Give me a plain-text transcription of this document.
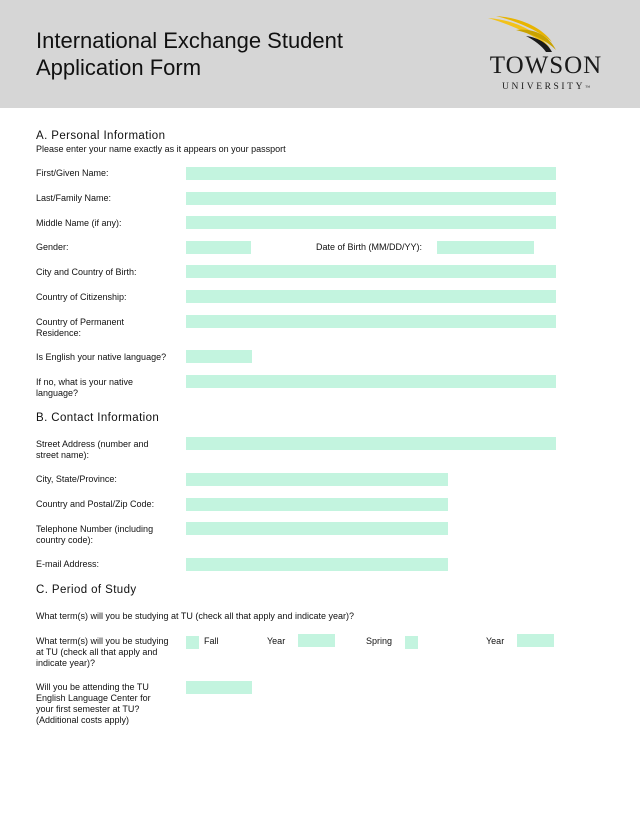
International Exchange Student
Application Form	TOWSON
UNIVERSITY™
A. Personal Information
Please enter your name exactly as it appears on your passport
First/Given Name:
Last/Family Name:
Middle Name (if any):
Gender:	Date of Birth (MM/DD/YY):
City and Country of Birth:
Country of Citizenship:
Country of Permanent
Residence:
Is English your native language?
If no, what is your native
language?
B. Contact Information
Street Address (number and
street name):
City, State/Province:
Country and Postal/Zip Code:
Telephone Number (including
country code):
E-mail Address:
C. Period of Study
What term(s) will you be studying at TU (check all that apply and indicate year)?
What term(s) will you be studying
at TU (check all that apply and
indicate year)?
Fall	Year	Spring	Year
Will you be attending the TU
English Language Center for
your first semester at TU?
(Additional costs apply)
